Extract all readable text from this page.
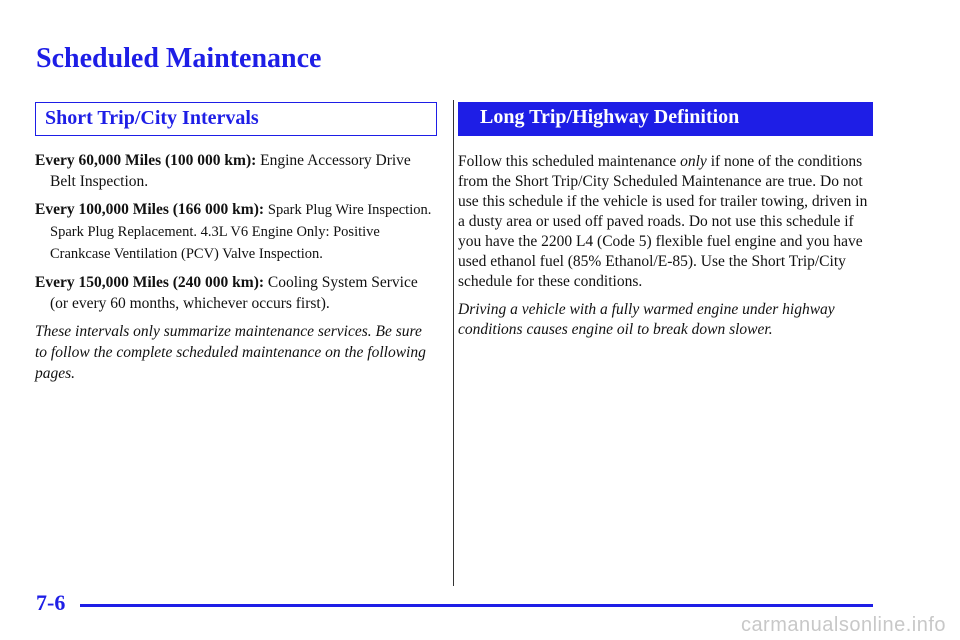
Scheduled Maintenance
Short Trip/City Intervals

Every 60,000 Miles (100 000 km): Engine Accessory Drive Belt Inspection.

Every 100,000 Miles (166 000 km): Spark Plug Wire Inspection. Spark Plug Replacement. 4.3L V6 Engine Only: Positive Crankcase Ventilation (PCV) Valve Inspection.

Every 150,000 Miles (240 000 km): Cooling System Service (or every 60 months, whichever occurs first).

These intervals only summarize maintenance services. Be sure to follow the complete scheduled maintenance on the following pages.

Long Trip/Highway Definition

Follow this scheduled maintenance only if none of the conditions from the Short Trip/City Scheduled Maintenance are true. Do not use this schedule if the vehicle is used for trailer towing, driven in a dusty area or used off paved roads. Do not use this schedule if you have the 2200 L4 (Code 5) flexible fuel engine and you have used ethanol fuel (85% Ethanol/E-85). Use the Short Trip/City schedule for these conditions.

Driving a vehicle with a fully warmed engine under highway conditions causes engine oil to break down slower.

7-6
carmanualsonline.info
